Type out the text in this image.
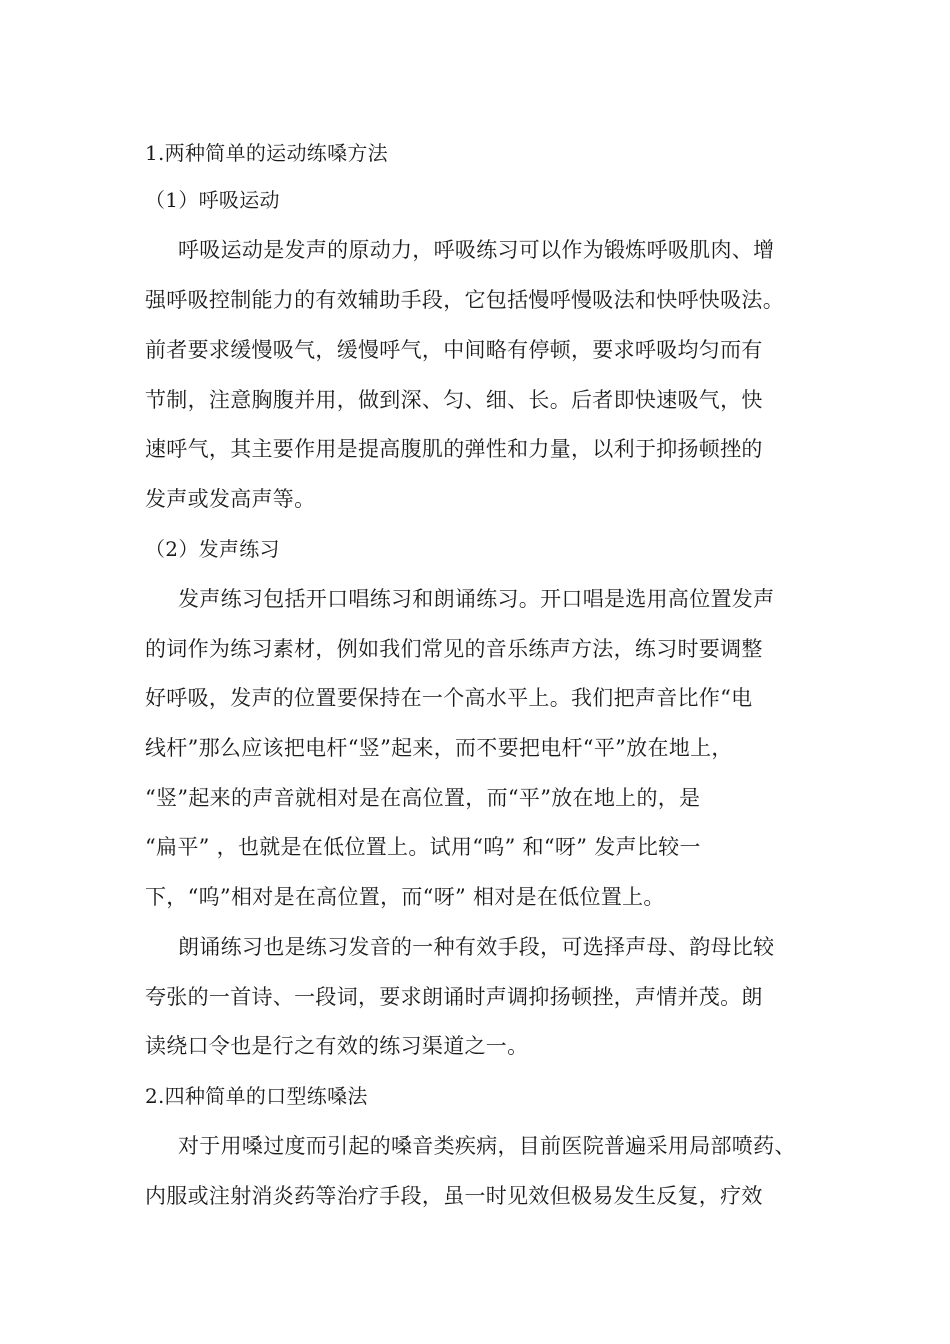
1.两种简单的运动练嗓方法
（1）呼吸运动
呼吸运动是发声的原动力，呼吸练习可以作为锻炼呼吸肌肉、增
强呼吸控制能力的有效辅助手段，它包括慢呼慢吸法和快呼快吸法。
前者要求缓慢吸气，缓慢呼气，中间略有停顿，要求呼吸均匀而有
节制，注意胸腹并用，做到深、匀、细、长。后者即快速吸气，快
速呼气，其主要作用是提高腹肌的弹性和力量，以利于抑扬顿挫的
发声或发高声等。
（2）发声练习
发声练习包括开口唱练习和朗诵练习。开口唱是选用高位置发声
的词作为练习素材，例如我们常见的音乐练声方法，练习时要调整
好呼吸，发声的位置要保持在一个高水平上。我们把声音比作“电
线杆”那么应该把电杆“竖”起来，而不要把电杆“平”放在地上，
“竖”起来的声音就相对是在高位置，而“平”放在地上的，是
“扁平” ，也就是在低位置上。试用“呜” 和“呀” 发声比较一
下，“呜”相对是在高位置，而“呀” 相对是在低位置上。
朗诵练习也是练习发音的一种有效手段，可选择声母、韵母比较
夸张的一首诗、一段词，要求朗诵时声调抑扬顿挫，声情并茂。朗
读绕口令也是行之有效的练习渠道之一。
2.四种简单的口型练嗓法
对于用嗓过度而引起的嗓音类疾病，目前医院普遍采用局部喷药、
内服或注射消炎药等治疗手段，虽一时见效但极易发生反复，疗效
